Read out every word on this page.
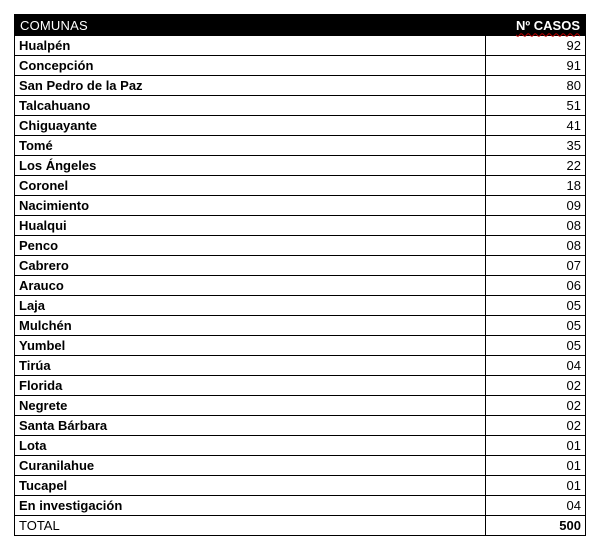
COMUNAS	Nº CASOS
Hualpén	92
Concepción	91
San Pedro de la Paz	80
Talcahuano	51
Chiguayante	41
Tomé	35
Los Ángeles	22
Coronel	18
Nacimiento	09
Hualqui	08
Penco	08
Cabrero	07
Arauco	06
Laja	05
Mulchén	05
Yumbel	05
Tirúa	04
Florida	02
Negrete	02
Santa Bárbara	02
Lota	01
Curanilahue	01
Tucapel	01
En investigación	04
TOTAL	500
